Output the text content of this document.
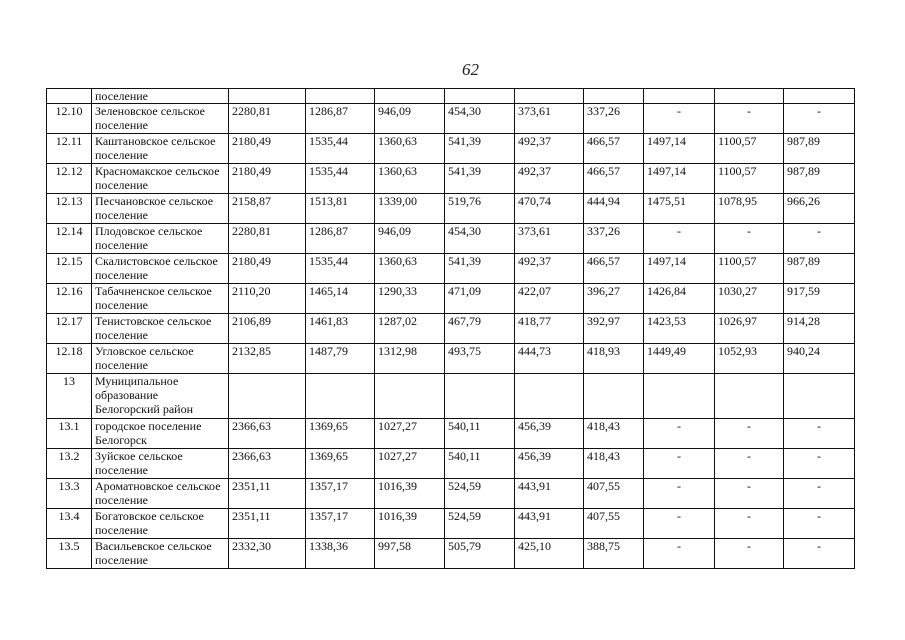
62
	поселение									
12.10	Зеленовское сельское поселение	2280,81	1286,87	946,09	454,30	373,61	337,26	-	-	-
12.11	Каштановское сельское поселение	2180,49	1535,44	1360,63	541,39	492,37	466,57	1497,14	1100,57	987,89
12.12	Красномакское сельское поселение	2180,49	1535,44	1360,63	541,39	492,37	466,57	1497,14	1100,57	987,89
12.13	Песчановское сельское поселение	2158,87	1513,81	1339,00	519,76	470,74	444,94	1475,51	1078,95	966,26
12.14	Плодовское сельское поселение	2280,81	1286,87	946,09	454,30	373,61	337,26	-	-	-
12.15	Скалистовское сельское поселение	2180,49	1535,44	1360,63	541,39	492,37	466,57	1497,14	1100,57	987,89
12.16	Табачненское сельское поселение	2110,20	1465,14	1290,33	471,09	422,07	396,27	1426,84	1030,27	917,59
12.17	Тенистовское сельское поселение	2106,89	1461,83	1287,02	467,79	418,77	392,97	1423,53	1026,97	914,28
12.18	Угловское сельское поселение	2132,85	1487,79	1312,98	493,75	444,73	418,93	1449,49	1052,93	940,24
13	Муниципальное образование Белогорский район									
13.1	городское поселение Белогорск	2366,63	1369,65	1027,27	540,11	456,39	418,43	-	-	-
13.2	Зуйское сельское поселение	2366,63	1369,65	1027,27	540,11	456,39	418,43	-	-	-
13.3	Ароматновское сельское поселение	2351,11	1357,17	1016,39	524,59	443,91	407,55	-	-	-
13.4	Богатовское сельское поселение	2351,11	1357,17	1016,39	524,59	443,91	407,55	-	-	-
13.5	Васильевское сельское поселение	2332,30	1338,36	997,58	505,79	425,10	388,75	-	-	-
